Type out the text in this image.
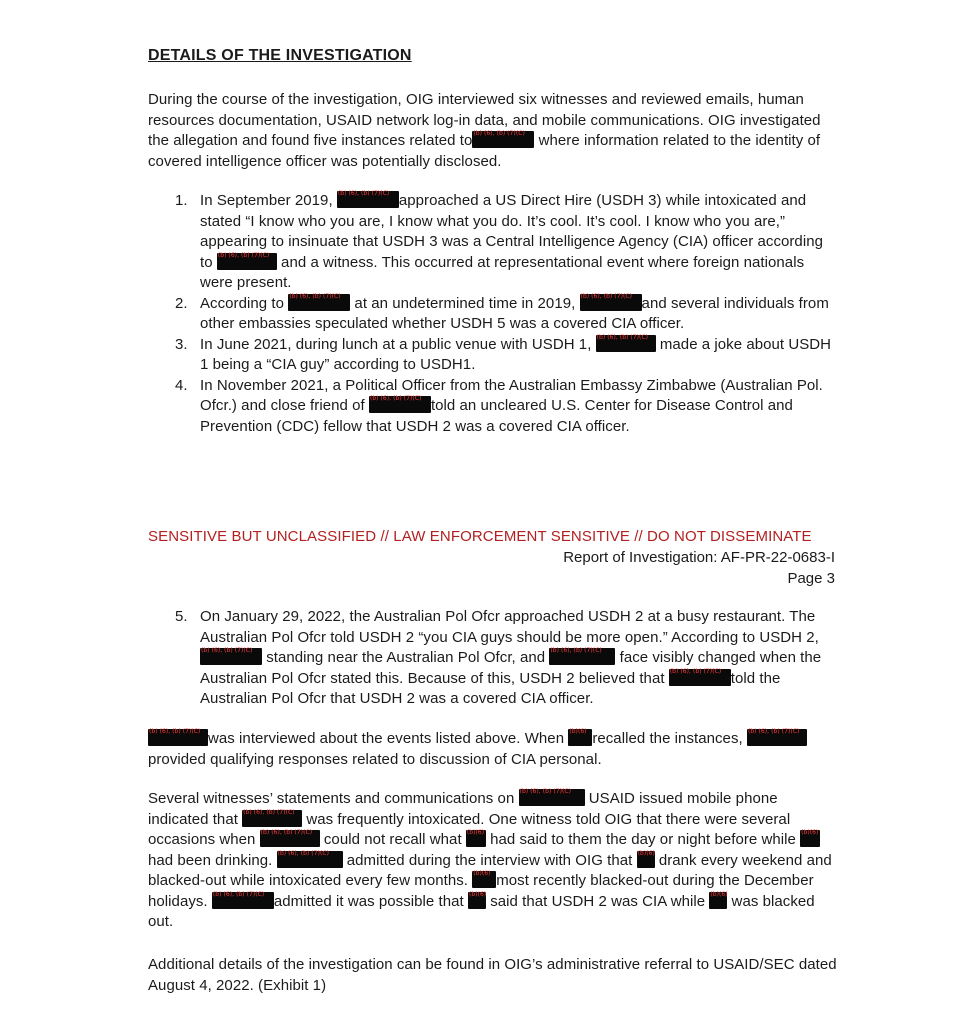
DETAILS OF THE INVESTIGATION

During the course of the investigation, OIG interviewed six witnesses and reviewed emails, human resources documentation, USAID network log-in data, and mobile communications. OIG investigated the allegation and found five instances related to (b) (6), (b) (7)(C) where information related to the identity of covered intelligence officer was potentially disclosed.

1. In September 2019, (b) (6), (b) (7)(C) approached a US Direct Hire (USDH 3) while intoxicated and stated “I know who you are, I know what you do. It’s cool. It’s cool. I know who you are,” appearing to insinuate that USDH 3 was a Central Intelligence Agency (CIA) officer according to (b) (6), (b) (7)(C) and a witness. This occurred at representational event where foreign nationals were present.
2. According to (b) (6), (b) (7)(C) at an undetermined time in 2019, (b) (6), (b) (7)(C) and several individuals from other embassies speculated whether USDH 5 was a covered CIA officer.
3. In June 2021, during lunch at a public venue with USDH 1, (b) (6), (b) (7)(C) made a joke about USDH 1 being a “CIA guy” according to USDH1.
4. In November 2021, a Political Officer from the Australian Embassy Zimbabwe (Australian Pol. Ofcr.) and close friend of (b) (6), (b) (7)(C) told an uncleared U.S. Center for Disease Control and Prevention (CDC) fellow that USDH 2 was a covered CIA officer.
SENSITIVE BUT UNCLASSIFIED // LAW ENFORCEMENT SENSITIVE // DO NOT DISSEMINATE
Report of Investigation: AF-PR-22-0683-I
Page 3
5. On January 29, 2022, the Australian Pol Ofcr approached USDH 2 at a busy restaurant. The Australian Pol Ofcr told USDH 2 “you CIA guys should be more open.” According to USDH 2,
(b) (6), (b) (7)(C) standing near the Australian Pol Ofcr, and (b) (6), (b) (7)(C) face visibly changed when the Australian Pol Ofcr stated this. Because of this, USDH 2 believed that (b) (6), (b) (7)(C) told the Australian Pol Ofcr that USDH 2 was a covered CIA officer.

(b) (6), (b) (7)(C) was interviewed about the events listed above. When (b)(6) recalled the instances, (b) (6), (b) (7)(C)
provided qualifying responses related to discussion of CIA personal.

Several witnesses’ statements and communications on (b) (6), (b) (7)(C) USAID issued mobile phone indicated that (b) (6), (b) (7)(C) was frequently intoxicated. One witness told OIG that there were several occasions when (b) (6), (b) (7)(C) could not recall what (b)(6) had said to them the day or night before while (b)(6)
had been drinking. (b) (6), (b) (7)(C) admitted during the interview with OIG that (b)(6) drank every weekend and blacked-out while intoxicated every few months. (b)(6) most recently blacked-out during the December holidays. (b) (6), (b) (7)(C) admitted it was possible that (b)(6) said that USDH 2 was CIA while (b)(6) was blacked out.

Additional details of the investigation can be found in OIG’s administrative referral to USAID/SEC dated August 4, 2022. (Exhibit 1)
